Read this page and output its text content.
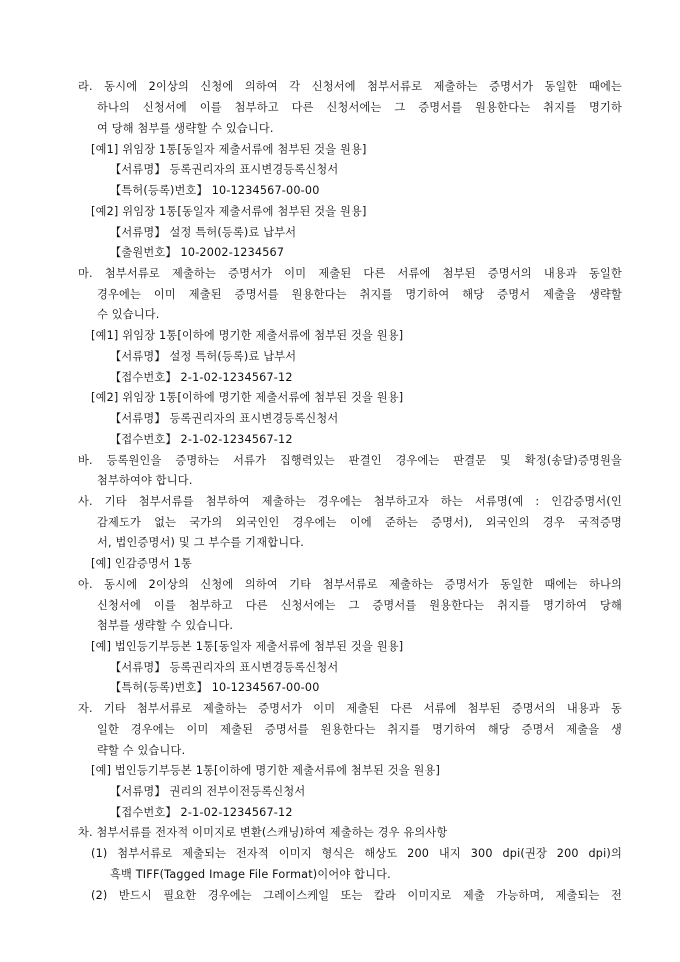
라. 동시에 2이상의 신청에 의하여 각 신청서에 첨부서류로 제출하는 증명서가 동일한 때에는
하나의 신청서에 이를 첨부하고 다른 신청서에는 그 증명서를 원용한다는 취지를 명기하
여 당해 첨부를 생략할 수 있습니다.
[예1] 위임장 1통[동일자 제출서류에 첨부된 것을 원용]
【서류명】 등록권리자의 표시변경등록신청서
【특허(등록)번호】 10-1234567-00-00
[예2] 위임장 1통[동일자 제출서류에 첨부된 것을 원용]
【서류명】 설정 특허(등록)료 납부서
【출원번호】 10-2002-1234567
마. 첨부서류로 제출하는 증명서가 이미 제출된 다른 서류에 첨부된 증명서의 내용과 동일한
경우에는 이미 제출된 증명서를 원용한다는 취지를 명기하여 해당 증명서 제출을 생략할
수 있습니다.
[예1] 위임장 1통[이하에 명기한 제출서류에 첨부된 것을 원용]
【서류명】 설정 특허(등록)료 납부서
【접수번호】 2-1-02-1234567-12
[예2] 위임장 1통[이하에 명기한 제출서류에 첨부된 것을 원용]
【서류명】 등록권리자의 표시변경등록신청서
【접수번호】 2-1-02-1234567-12
바. 등록원인을 증명하는 서류가 집행력있는 판결인 경우에는 판결문 및 확정(송달)증명원을
첨부하여야 합니다.
사. 기타 첨부서류를 첨부하여 제출하는 경우에는 첨부하고자 하는 서류명(예 : 인감증명서(인
감제도가 없는 국가의 외국인인 경우에는 이에 준하는 증명서), 외국인의 경우 국적증명
서, 법인증명서) 및 그 부수를 기재합니다.
[예] 인감증명서 1통
아. 동시에 2이상의 신청에 의하여 기타 첨부서류로 제출하는 증명서가 동일한 때에는 하나의
신청서에 이를 첨부하고 다른 신청서에는 그 증명서를 원용한다는 취지를 명기하여 당해
첨부를 생략할 수 있습니다.
[예] 법인등기부등본 1통[동일자 제출서류에 첨부된 것을 원용]
【서류명】 등록권리자의 표시변경등록신청서
【특허(등록)번호】 10-1234567-00-00
자. 기타 첨부서류로 제출하는 증명서가 이미 제출된 다른 서류에 첨부된 증명서의 내용과 동
일한 경우에는 이미 제출된 증명서를 원용한다는 취지를 명기하여 해당 증명서 제출을 생
략할 수 있습니다.
[예] 법인등기부등본 1통[이하에 명기한 제출서류에 첨부된 것을 원용]
【서류명】 권리의 전부이전등록신청서
【접수번호】 2-1-02-1234567-12
차. 첨부서류를 전자적 이미지로 변환(스캐닝)하여 제출하는 경우 유의사항
(1) 첨부서류로 제출되는 전자적 이미지 형식은 해상도 200 내지 300 dpi(권장 200 dpi)의
흑백 TIFF(Tagged Image File Format)이어야 합니다.
(2) 반드시 필요한 경우에는 그레이스케일 또는 칼라 이미지로 제출 가능하며, 제출되는 전
